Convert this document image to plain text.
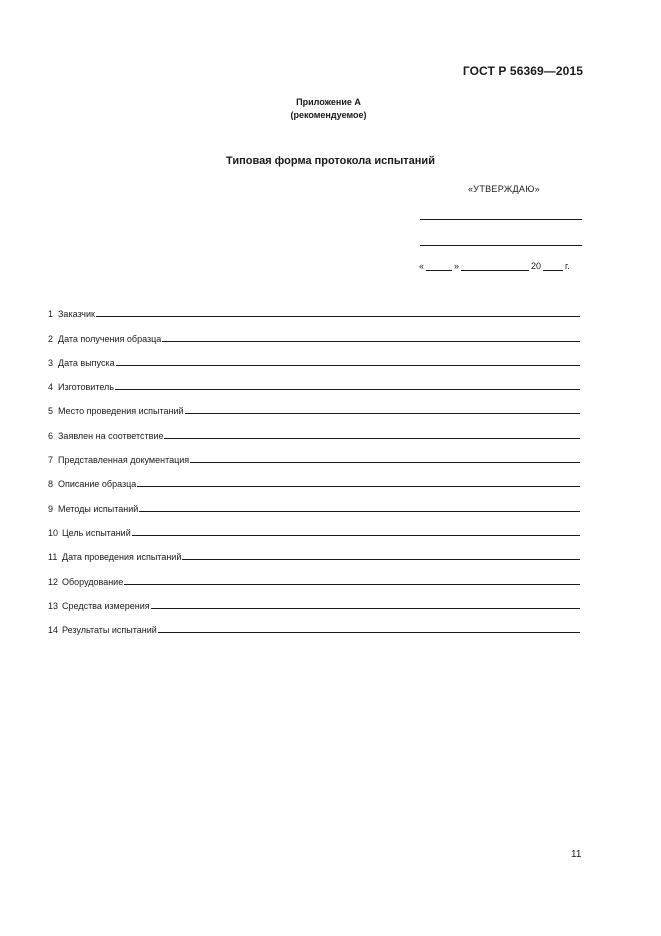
ГОСТ Р 56369—2015
Приложение А
(рекомендуемое)
Типовая форма протокола испытаний
«УТВЕРЖДАЮ»
«	»	20	г.
1 Заказчик
2 Дата получения образца
3 Дата выпуска
4 Изготовитель
5 Место проведения испытаний
6 Заявлен на соответствие
7 Представленная документация
8 Описание образца
9 Методы испытаний
10 Цель испытаний
11 Дата проведения испытаний
12 Оборудование
13 Средства измерения
14 Результаты испытаний
11
